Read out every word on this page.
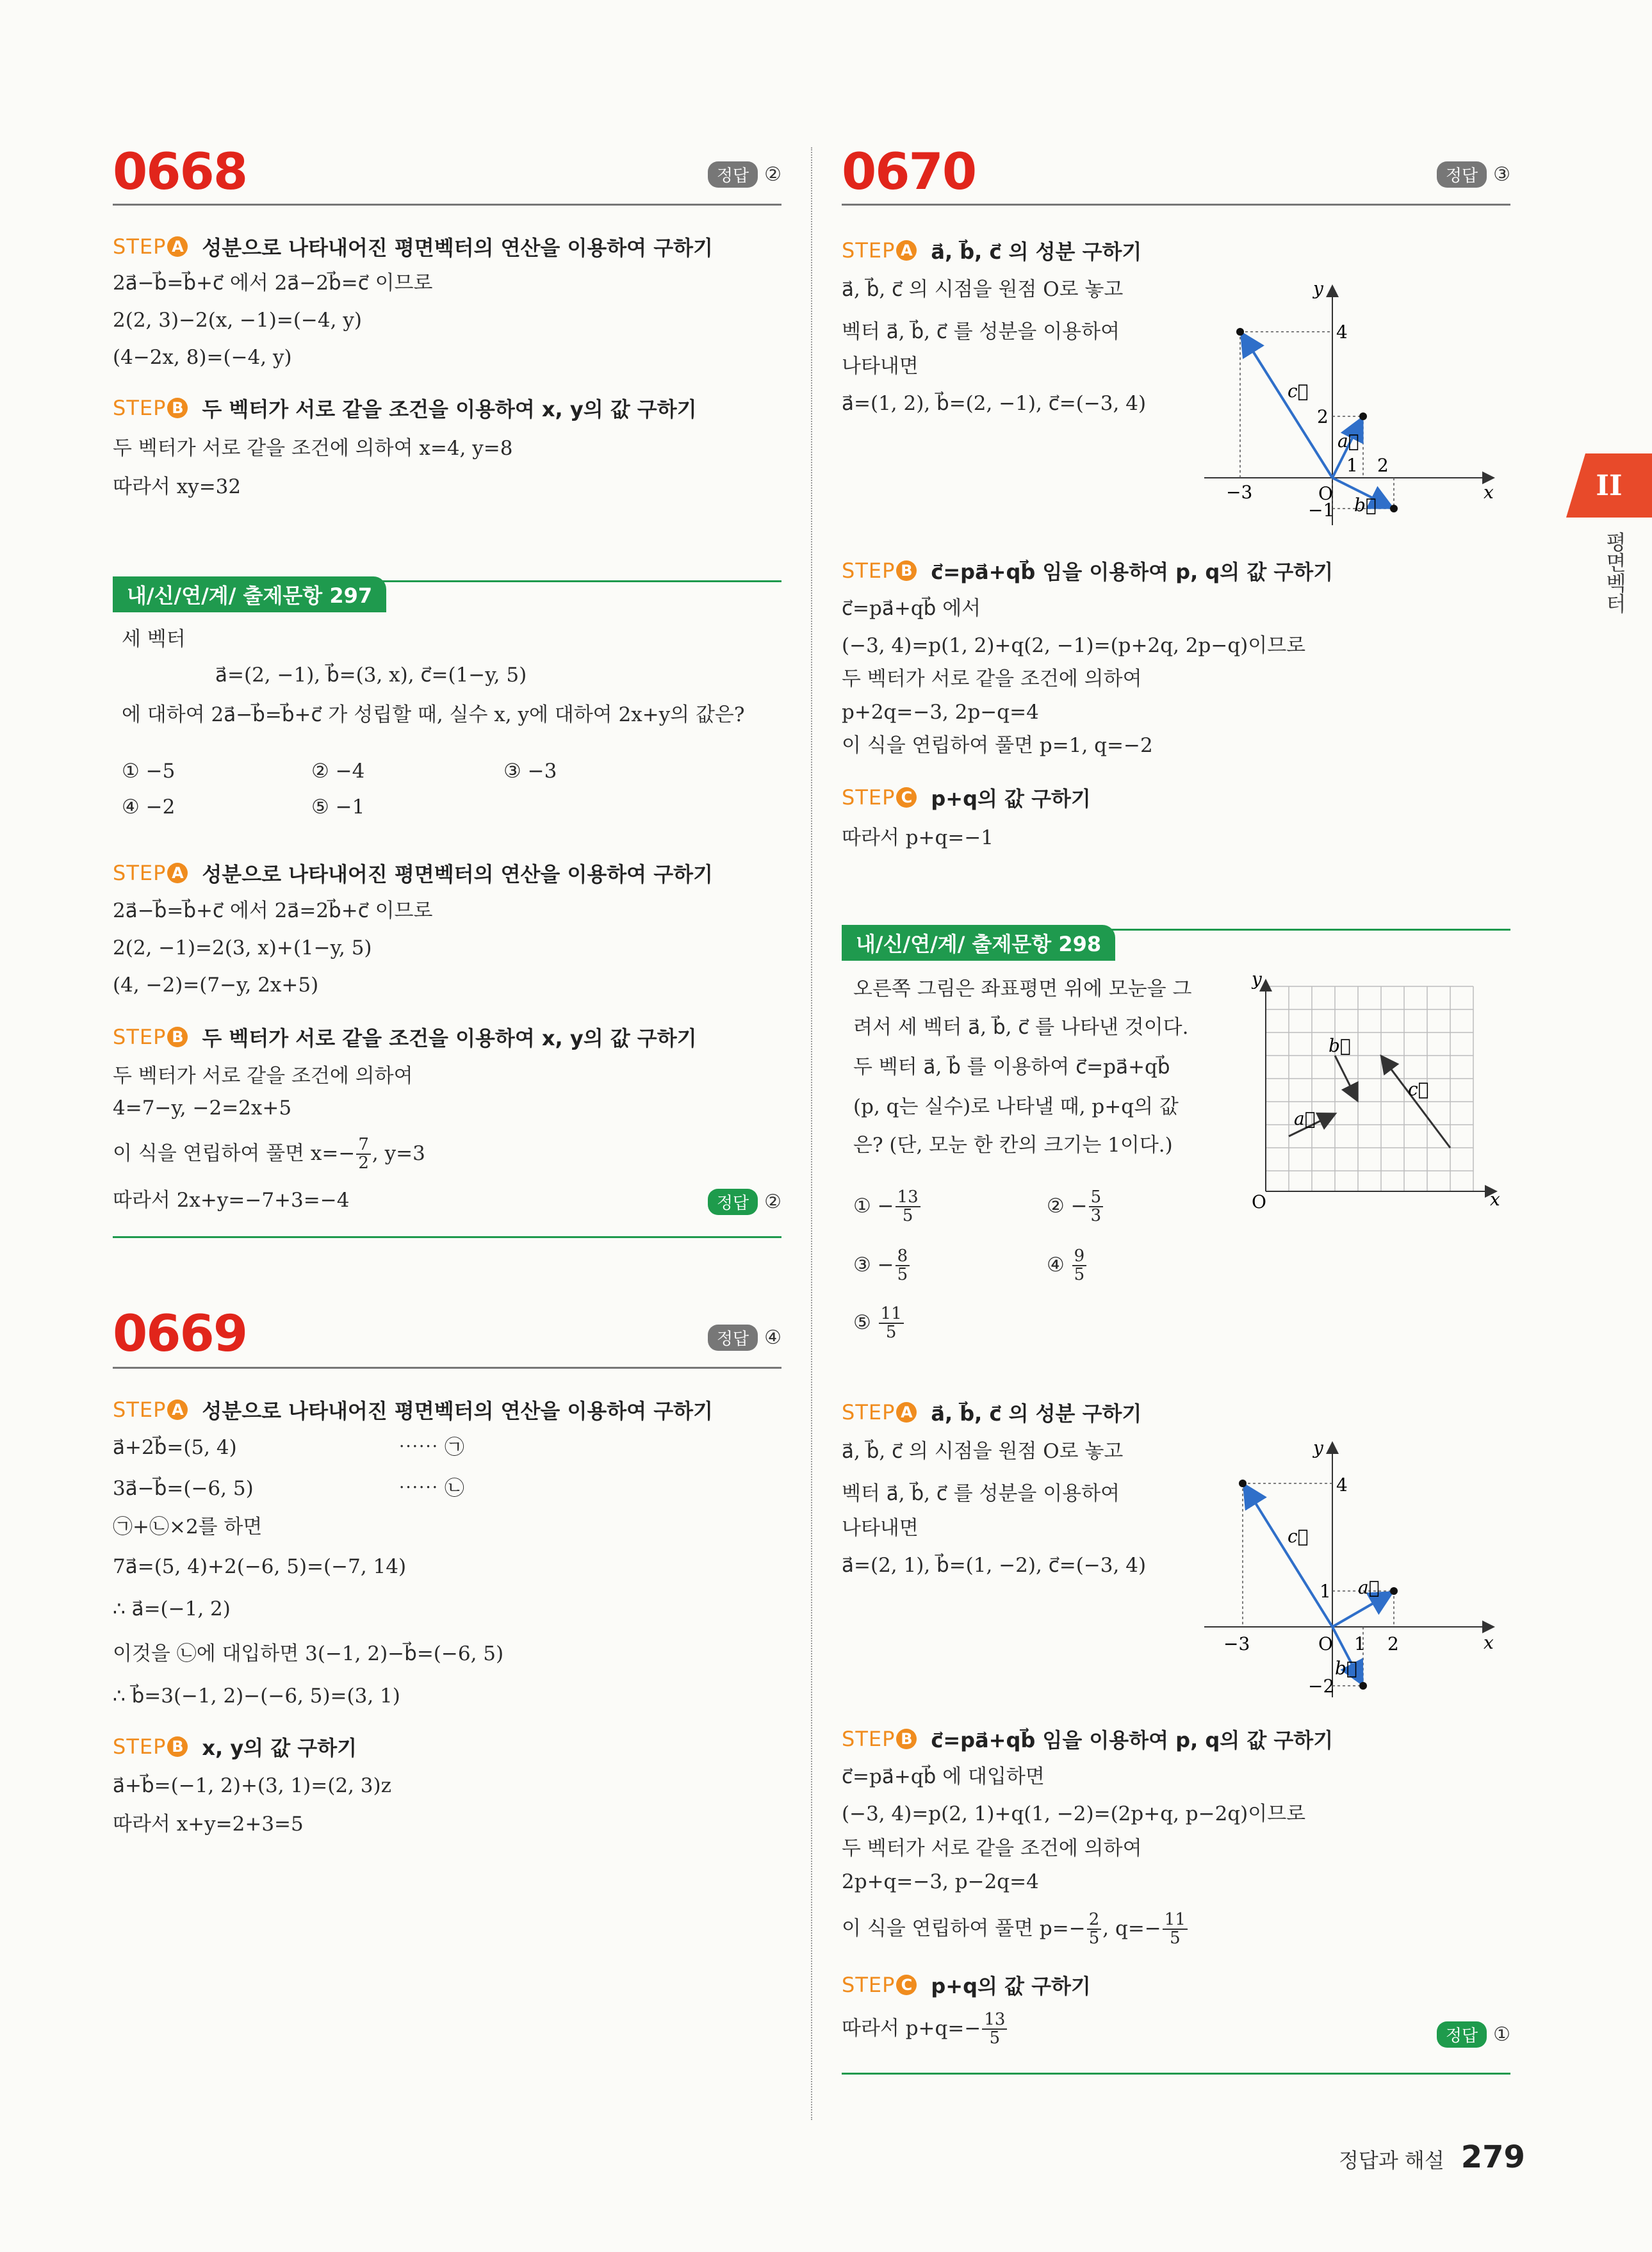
0668	정답 ②
STEP A 성분으로 나타내어진 평면벡터의 연산을 이용하여 구하기
2a⃗−b⃗=b⃗+c⃗ 에서 2a⃗−2b⃗=c⃗ 이므로
2(2, 3)−2(x, −1)=(−4, y)
(4−2x, 8)=(−4, y)
STEP B 두 벡터가 서로 같을 조건을 이용하여 x, y의 값 구하기
두 벡터가 서로 같을 조건에 의하여 x=4, y=8
따라서 xy=32
내/신/연/계/ 출제문항 297
세 벡터
a⃗=(2, −1), b⃗=(3, x), c⃗=(1−y, 5)
에 대하여 2a⃗−b⃗=b⃗+c⃗ 가 성립할 때, 실수 x, y에 대하여 2x+y의 값은?
① −5	② −4	③ −3
④ −2	⑤ −1
STEP A 성분으로 나타내어진 평면벡터의 연산을 이용하여 구하기
2a⃗−b⃗=b⃗+c⃗ 에서 2a⃗=2b⃗+c⃗ 이므로
2(2, −1)=2(3, x)+(1−y, 5)
(4, −2)=(7−y, 2x+5)
STEP B 두 벡터가 서로 같을 조건을 이용하여 x, y의 값 구하기
두 벡터가 서로 같을 조건에 의하여
4=7−y, −2=2x+5
이 식을 연립하여 풀면 $x=- \frac{7}{2}$ , y=3
따라서 2x+y=−7+3=−4	정답 ②
0669	정답 ④
STEP A 성분으로 나타내어진 평면벡터의 연산을 이용하여 구하기
a⃗+2b⃗=(5, 4)	⋯⋯ ㉠
3a⃗−b⃗=(−6, 5)	⋯⋯ ㉡
㉠+㉡×2를 하면
7a⃗=(5, 4)+2(−6, 5)=(−7, 14)
∴ a⃗=(−1, 2)
이것을 ㉡에 대입하면 3(−1, 2)−b⃗=(−6, 5)
∴ b⃗=3(−1, 2)−(−6, 5)=(3, 1)
STEP B x, y의 값 구하기
a⃗+b⃗=(−1, 2)+(3, 1)=(2, 3)z
따라서 x+y=2+3=5
0670	정답 ③
STEP A a⃗, b⃗, c⃗ 의 성분 구하기
a⃗, b⃗, c⃗ 의 시점을 원점 O로 놓고
벡터 a⃗, b⃗, c⃗ 를 성분을 이용하여
나타내면
a⃗=(1, 2), b⃗=(2, −1), c⃗=(−3, 4)
y
x
O
4
2
1 2
−3
−1
a⃗
b⃗
c⃗
STEP B c⃗=pa⃗+qb⃗ 임을 이용하여 p, q의 값 구하기
c⃗=pa⃗+qb⃗ 에서
(−3, 4)=p(1, 2)+q(2, −1)=(p+2q, 2p−q)이므로
두 벡터가 서로 같을 조건에 의하여
p+2q=−3, 2p−q=4
이 식을 연립하여 풀면 p=1, q=−2
STEP C p+q의 값 구하기
따라서 p+q=−1
내/신/연/계/ 출제문항 298
오른쪽 그림은 좌표평면 위에 모눈을 그
려서 세 벡터 a⃗, b⃗, c⃗ 를 나타낸 것이다.
두 벡터 a⃗, b⃗ 를 이용하여 c⃗=pa⃗+qb⃗
(p, q는 실수)로 나타낼 때, p+q의 값
은? (단, 모눈 한 칸의 크기는 1이다.)
① − $\frac{13}{5}$	② − $\frac{5}{3}$
③ − $\frac{8}{5}$	④ $\frac{9}{5}$
⑤ $\frac{11}{5}$
y
x
O
a⃗
b⃗
c⃗
STEP A a⃗, b⃗, c⃗ 의 성분 구하기
a⃗, b⃗, c⃗ 의 시점을 원점 O로 놓고
벡터 a⃗, b⃗, c⃗ 를 성분을 이용하여
나타내면
a⃗=(2, 1), b⃗=(1, −2), c⃗=(−3, 4)
y
x
O
4
1
2
−3
−2
1
a⃗
b⃗
c⃗
STEP B c⃗=pa⃗+qb⃗ 임을 이용하여 p, q의 값 구하기
c⃗=pa⃗+qb⃗ 에 대입하면
(−3, 4)=p(2, 1)+q(1, −2)=(2p+q, p−2q)이므로
두 벡터가 서로 같을 조건에 의하여
2p+q=−3, p−2q=4
이 식을 연립하여 풀면 $p=- \frac{2}{5}$ , $q=- \frac{11}{5}$
STEP C p+q의 값 구하기
따라서 $p+q=- \frac{13}{5}$	정답 ①
II
평면벡터
정답과 해설 279
